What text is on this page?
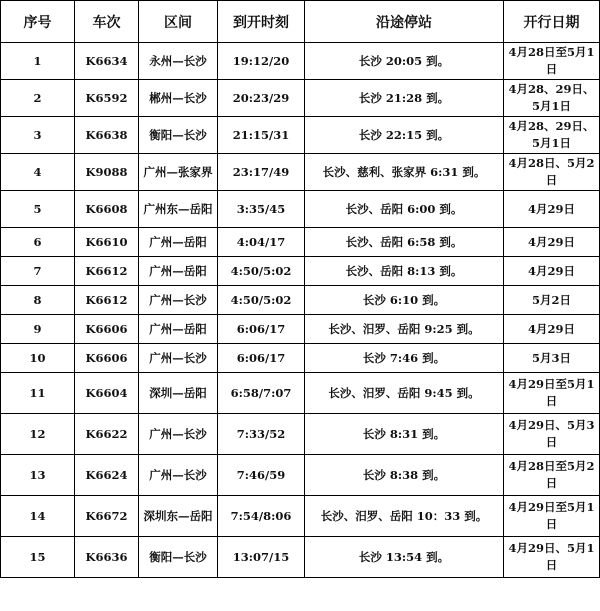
序号	车次	区间	到开时刻	沿途停站	开行日期
1	K6634	永州—长沙	19:12/20	长沙 20:05 到。	4月28日至5月1日
2	K6592	郴州—长沙	20:23/29	长沙 21:28 到。	4月28、29日、5月1日
3	K6638	衡阳—长沙	21:15/31	长沙 22:15 到。	4月28、29日、5月1日
4	K9088	广州—张家界	23:17/49	长沙、慈利、张家界 6:31 到。	4月28日、5月2日
5	K6608	广州东—岳阳	3:35/45	长沙、岳阳 6:00 到。	4月29日
6	K6610	广州—岳阳	4:04/17	长沙、岳阳 6:58 到。	4月29日
7	K6612	广州—岳阳	4:50/5:02	长沙、岳阳 8:13 到。	4月29日
8	K6612	广州—长沙	4:50/5:02	长沙 6:10 到。	5月2日
9	K6606	广州—岳阳	6:06/17	长沙、汨罗、岳阳 9:25 到。	4月29日
10	K6606	广州—长沙	6:06/17	长沙 7:46 到。	5月3日
11	K6604	深圳—岳阳	6:58/7:07	长沙、汨罗、岳阳 9:45 到。	4月29日至5月1日
12	K6622	广州—长沙	7:33/52	长沙 8:31 到。	4月29日、5月3日
13	K6624	广州—长沙	7:46/59	长沙 8:38 到。	4月28日至5月2日
14	K6672	深圳东—岳阳	7:54/8:06	长沙、汨罗、岳阳 10：33 到。	4月29日至5月1日
15	K6636	衡阳—长沙	13:07/15	长沙 13:54 到。	4月29日、5月1日
